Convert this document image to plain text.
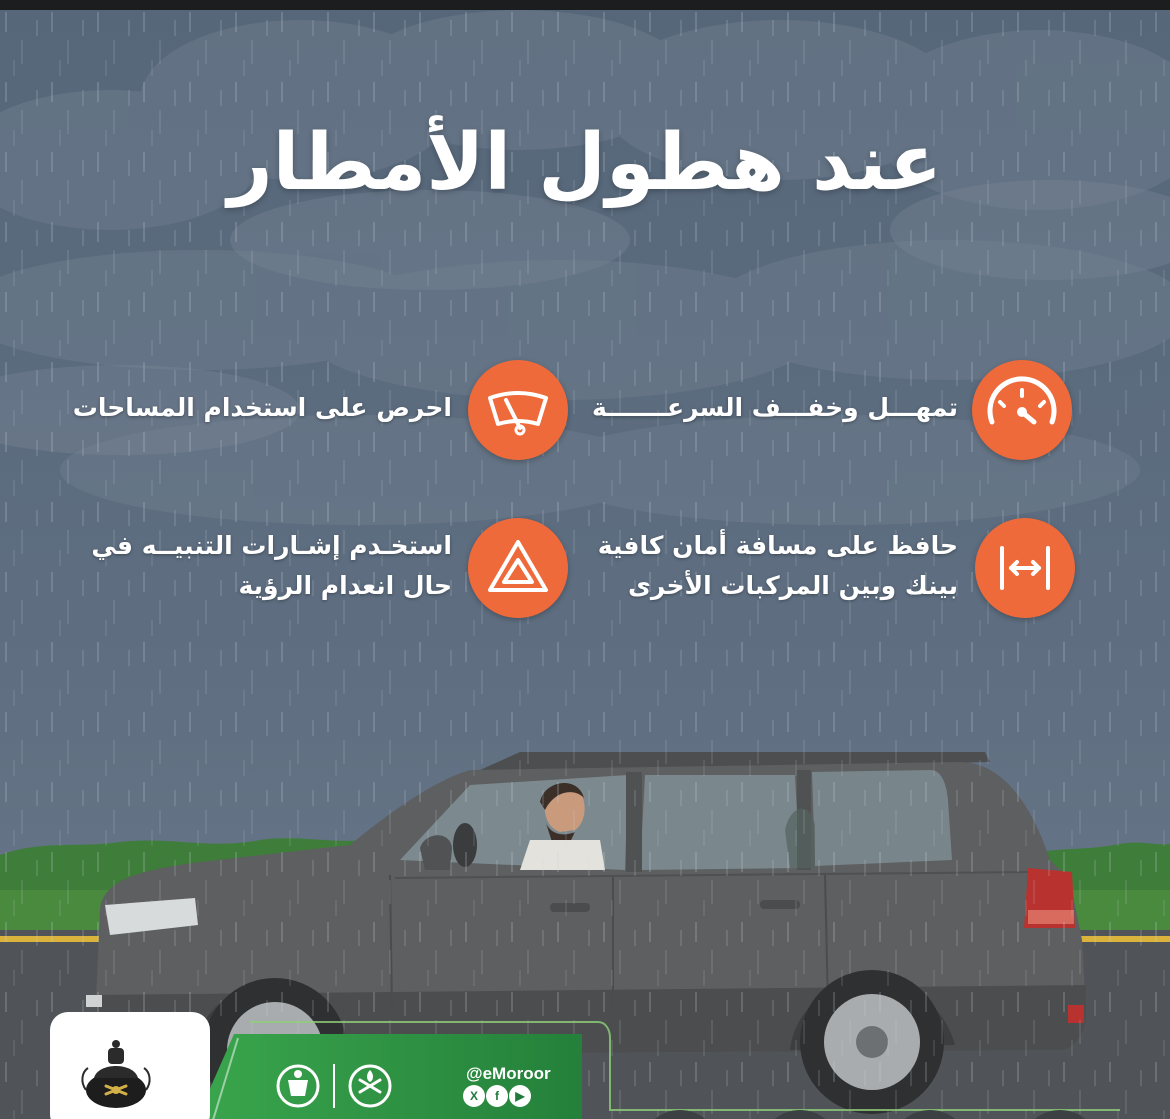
عند هطول الأمطار
تمهـــل وخفـــف السرعـــــــة
احرص على استخدام المساحات
حافظ على مسافة أمان كافية
بينك وبين المركبات الأخرى
استخـدم إشـارات التنبيــه في
حال انعدام الرؤية
@eMoroor
X	f	▶
